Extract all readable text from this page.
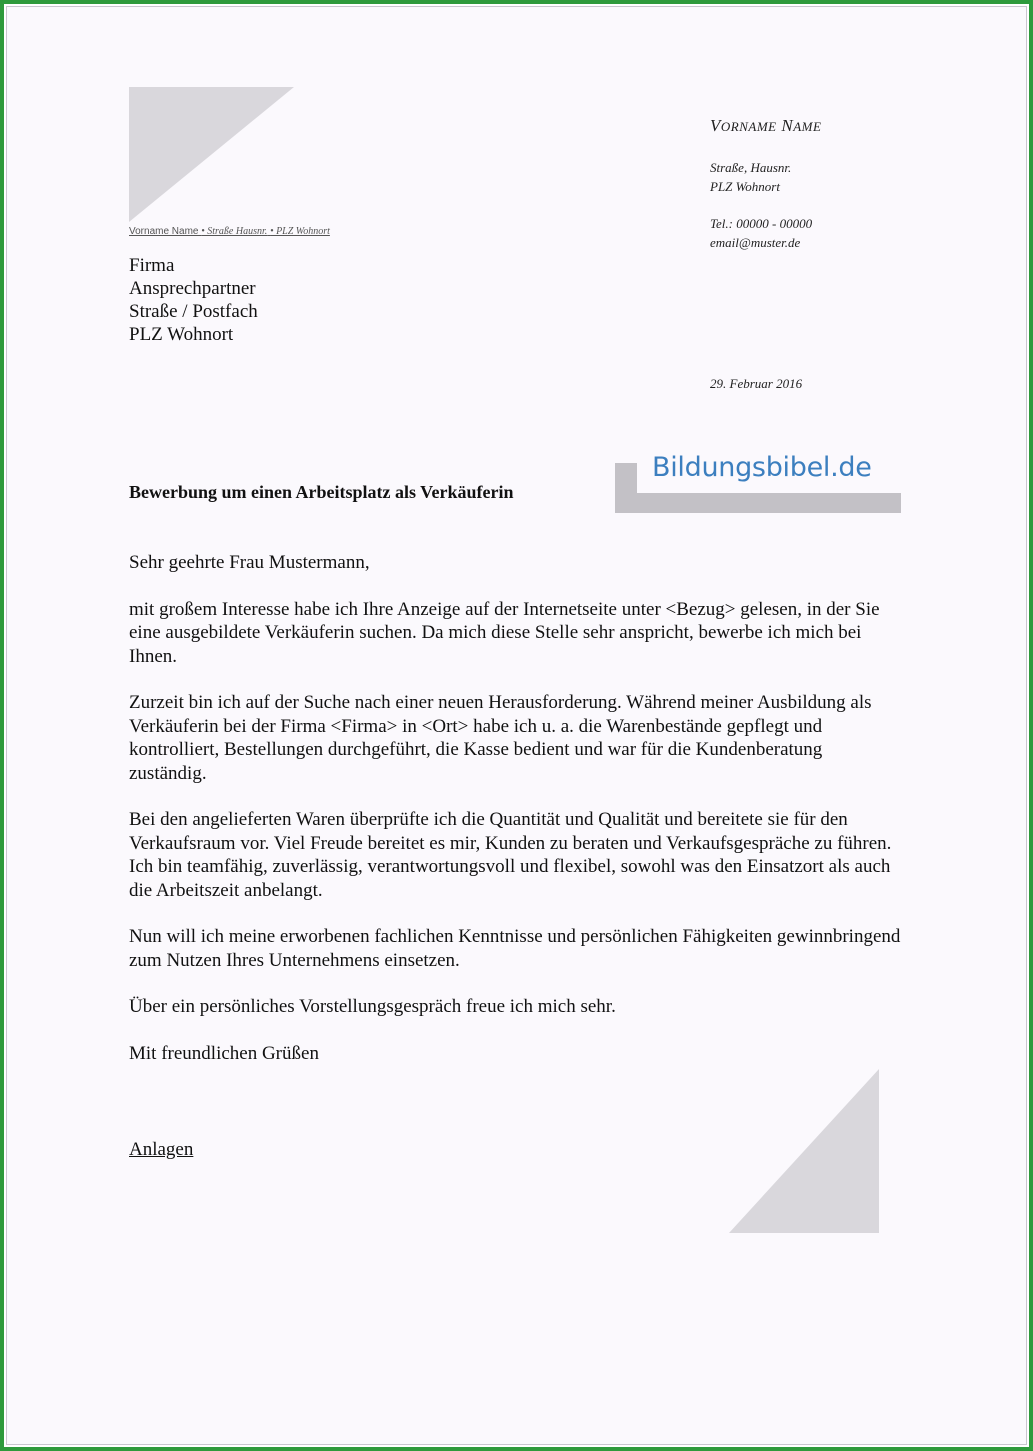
Vorname Name • Straße Hausnr. • PLZ Wohnort
Firma
Ansprechpartner
Straße / Postfach
PLZ Wohnort
VORNAME NAME
Straße, Hausnr.
PLZ Wohnort
Tel.: 00000 - 00000
email@muster.de
29. Februar 2016
Bildungsbibel.de
Bewerbung um einen Arbeitsplatz als Verkäuferin

Sehr geehrte Frau Mustermann,

mit großem Interesse habe ich Ihre Anzeige auf der Internetseite unter <Bezug> gelesen, in der Sie eine ausgebildete Verkäuferin suchen. Da mich diese Stelle sehr anspricht, bewerbe ich mich bei Ihnen.

Zurzeit bin ich auf der Suche nach einer neuen Herausforderung. Während meiner Ausbildung als Verkäuferin bei der Firma <Firma> in <Ort> habe ich u. a. die Warenbestände gepflegt und kontrolliert, Bestellungen durchgeführt, die Kasse bedient und war für die Kundenberatung zuständig.

Bei den angelieferten Waren überprüfte ich die Quantität und Qualität und bereitete sie für den Verkaufsraum vor. Viel Freude bereitet es mir, Kunden zu beraten und Verkaufsgespräche zu führen. Ich bin teamfähig, zuverlässig, verantwortungsvoll und flexibel, sowohl was den Einsatzort als auch die Arbeitszeit anbelangt.

Nun will ich meine erworbenen fachlichen Kenntnisse und persönlichen Fähigkeiten gewinnbringend zum Nutzen Ihres Unternehmens einsetzen.

Über ein persönliches Vorstellungsgespräch freue ich mich sehr.

Mit freundlichen Grüßen

Anlagen
